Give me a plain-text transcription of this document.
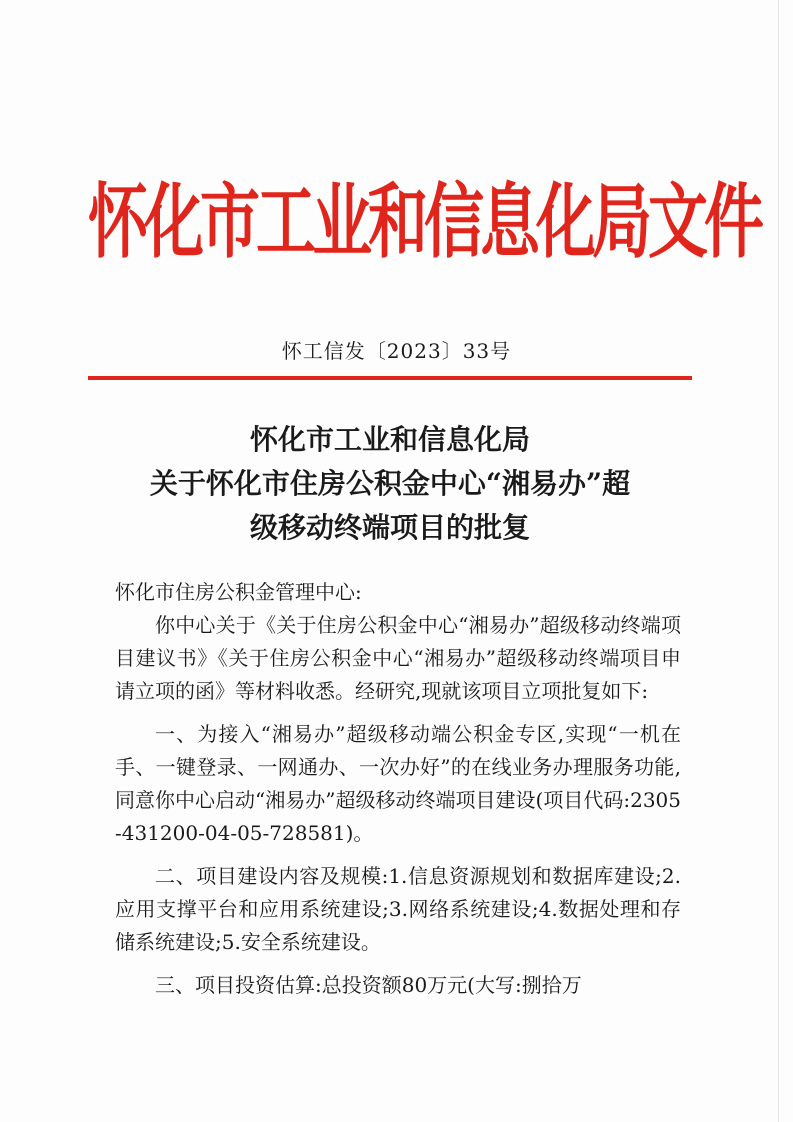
怀化市工业和信息化局文件
怀工信发〔2023〕33号
怀化市工业和信息化局
关于怀化市住房公积金中心“湘易办”超
级移动终端项目的批复
怀化市住房公积金管理中心:

你中心关于《关于住房公积金中心“湘易办”超级移动终端项目建议书》《关于住房公积金中心“湘易办”超级移动终端项目申请立项的函》等材料收悉。经研究,现就该项目立项批复如下:

一、为接入“湘易办”超级移动端公积金专区,实现“一机在手、一键登录、一网通办、一次办好”的在线业务办理服务功能,同意你中心启动“湘易办”超级移动终端项目建设(项目代码:2305-431200-04-05-728581)。

二、项目建设内容及规模:1.信息资源规划和数据库建设;2.应用支撑平台和应用系统建设;3.网络系统建设;4.数据处理和存储系统建设;5.安全系统建设。

三、项目投资估算:总投资额80万元(大写:捌拾万
